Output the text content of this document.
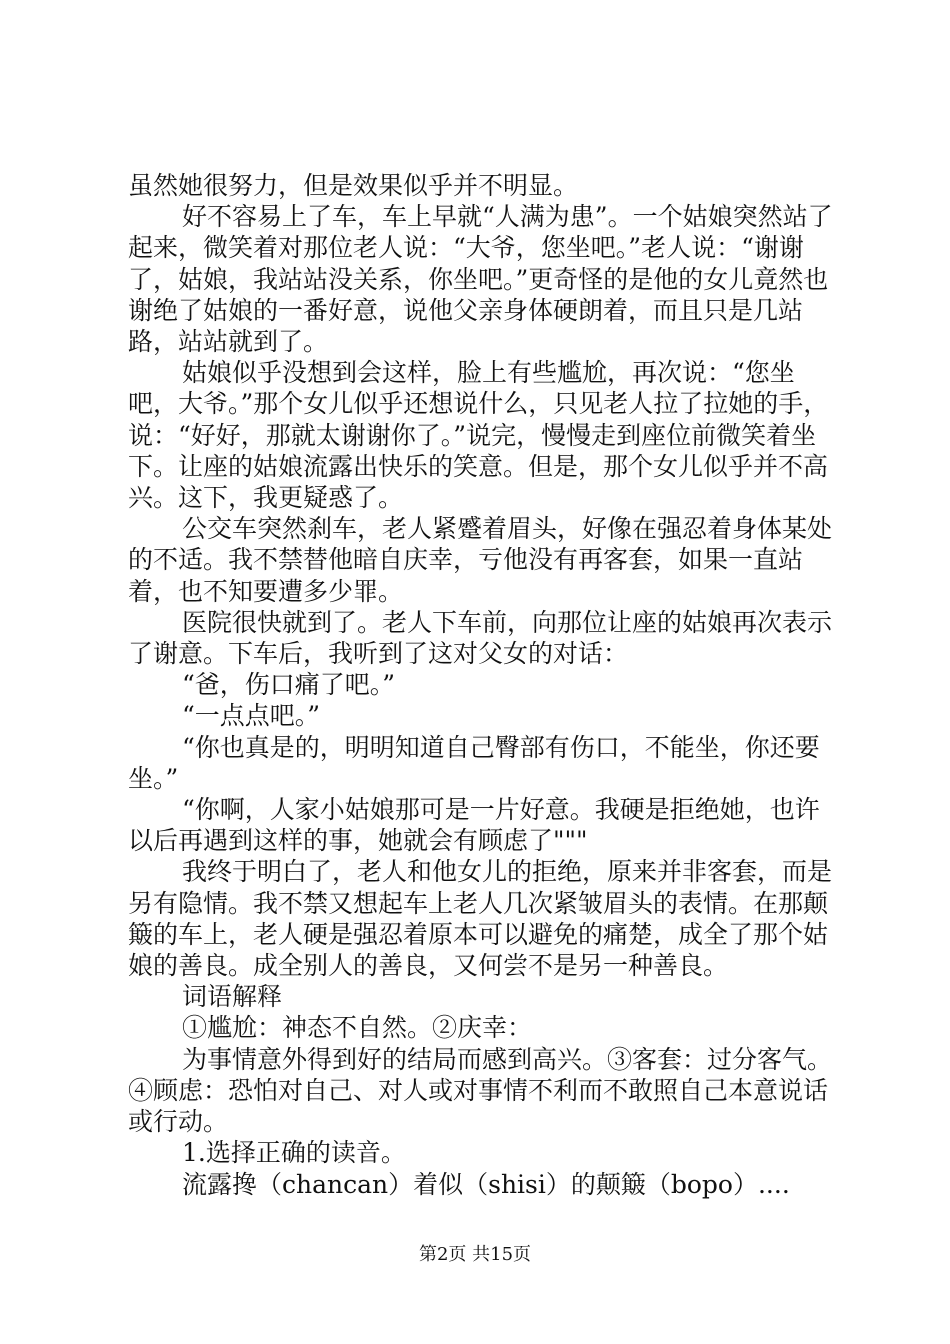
虽然她很努力，但是效果似乎并不明显。

好不容易上了车，车上早就“人满为患”。一个姑娘突然站了起来，微笑着对那位老人说：“大爷，您坐吧。”老人说：“谢谢了，姑娘，我站站没关系，你坐吧。”更奇怪的是他的女儿竟然也谢绝了姑娘的一番好意，说他父亲身体硬朗着，而且只是几站路，站站就到了。

姑娘似乎没想到会这样，脸上有些尴尬，再次说：“您坐吧，大爷。”那个女儿似乎还想说什么，只见老人拉了拉她的手，说：“好好，那就太谢谢你了。”说完，慢慢走到座位前微笑着坐下。让座的姑娘流露出快乐的笑意。但是，那个女儿似乎并不高兴。这下，我更疑惑了。

公交车突然刹车，老人紧蹙着眉头，好像在强忍着身体某处的不适。我不禁替他暗自庆幸，亏他没有再客套，如果一直站着，也不知要遭多少罪。

医院很快就到了。老人下车前，向那位让座的姑娘再次表示了谢意。下车后，我听到了这对父女的对话：

“爸，伤口痛了吧。”

“一点点吧。”

“你也真是的，明明知道自己臀部有伤口，不能坐，你还要坐。”

“你啊，人家小姑娘那可是一片好意。我硬是拒绝她，也许以后再遇到这样的事，她就会有顾虑了"""

我终于明白了，老人和他女儿的拒绝，原来并非客套，而是另有隐情。我不禁又想起车上老人几次紧皱眉头的表情。在那颠簸的车上，老人硬是强忍着原本可以避免的痛楚，成全了那个姑娘的善良。成全别人的善良，又何尝不是另一种善良。

词语解释

①尴尬：神态不自然。②庆幸：

为事情意外得到好的结局而感到高兴。③客套：过分客气。④顾虑：恐怕对自己、对人或对事情不利而不敢照自己本意说话或行动。

1.选择正确的读音。

流露搀（chancan）着似（shisi）的颠簸（bopo）....

第2页 共15页
